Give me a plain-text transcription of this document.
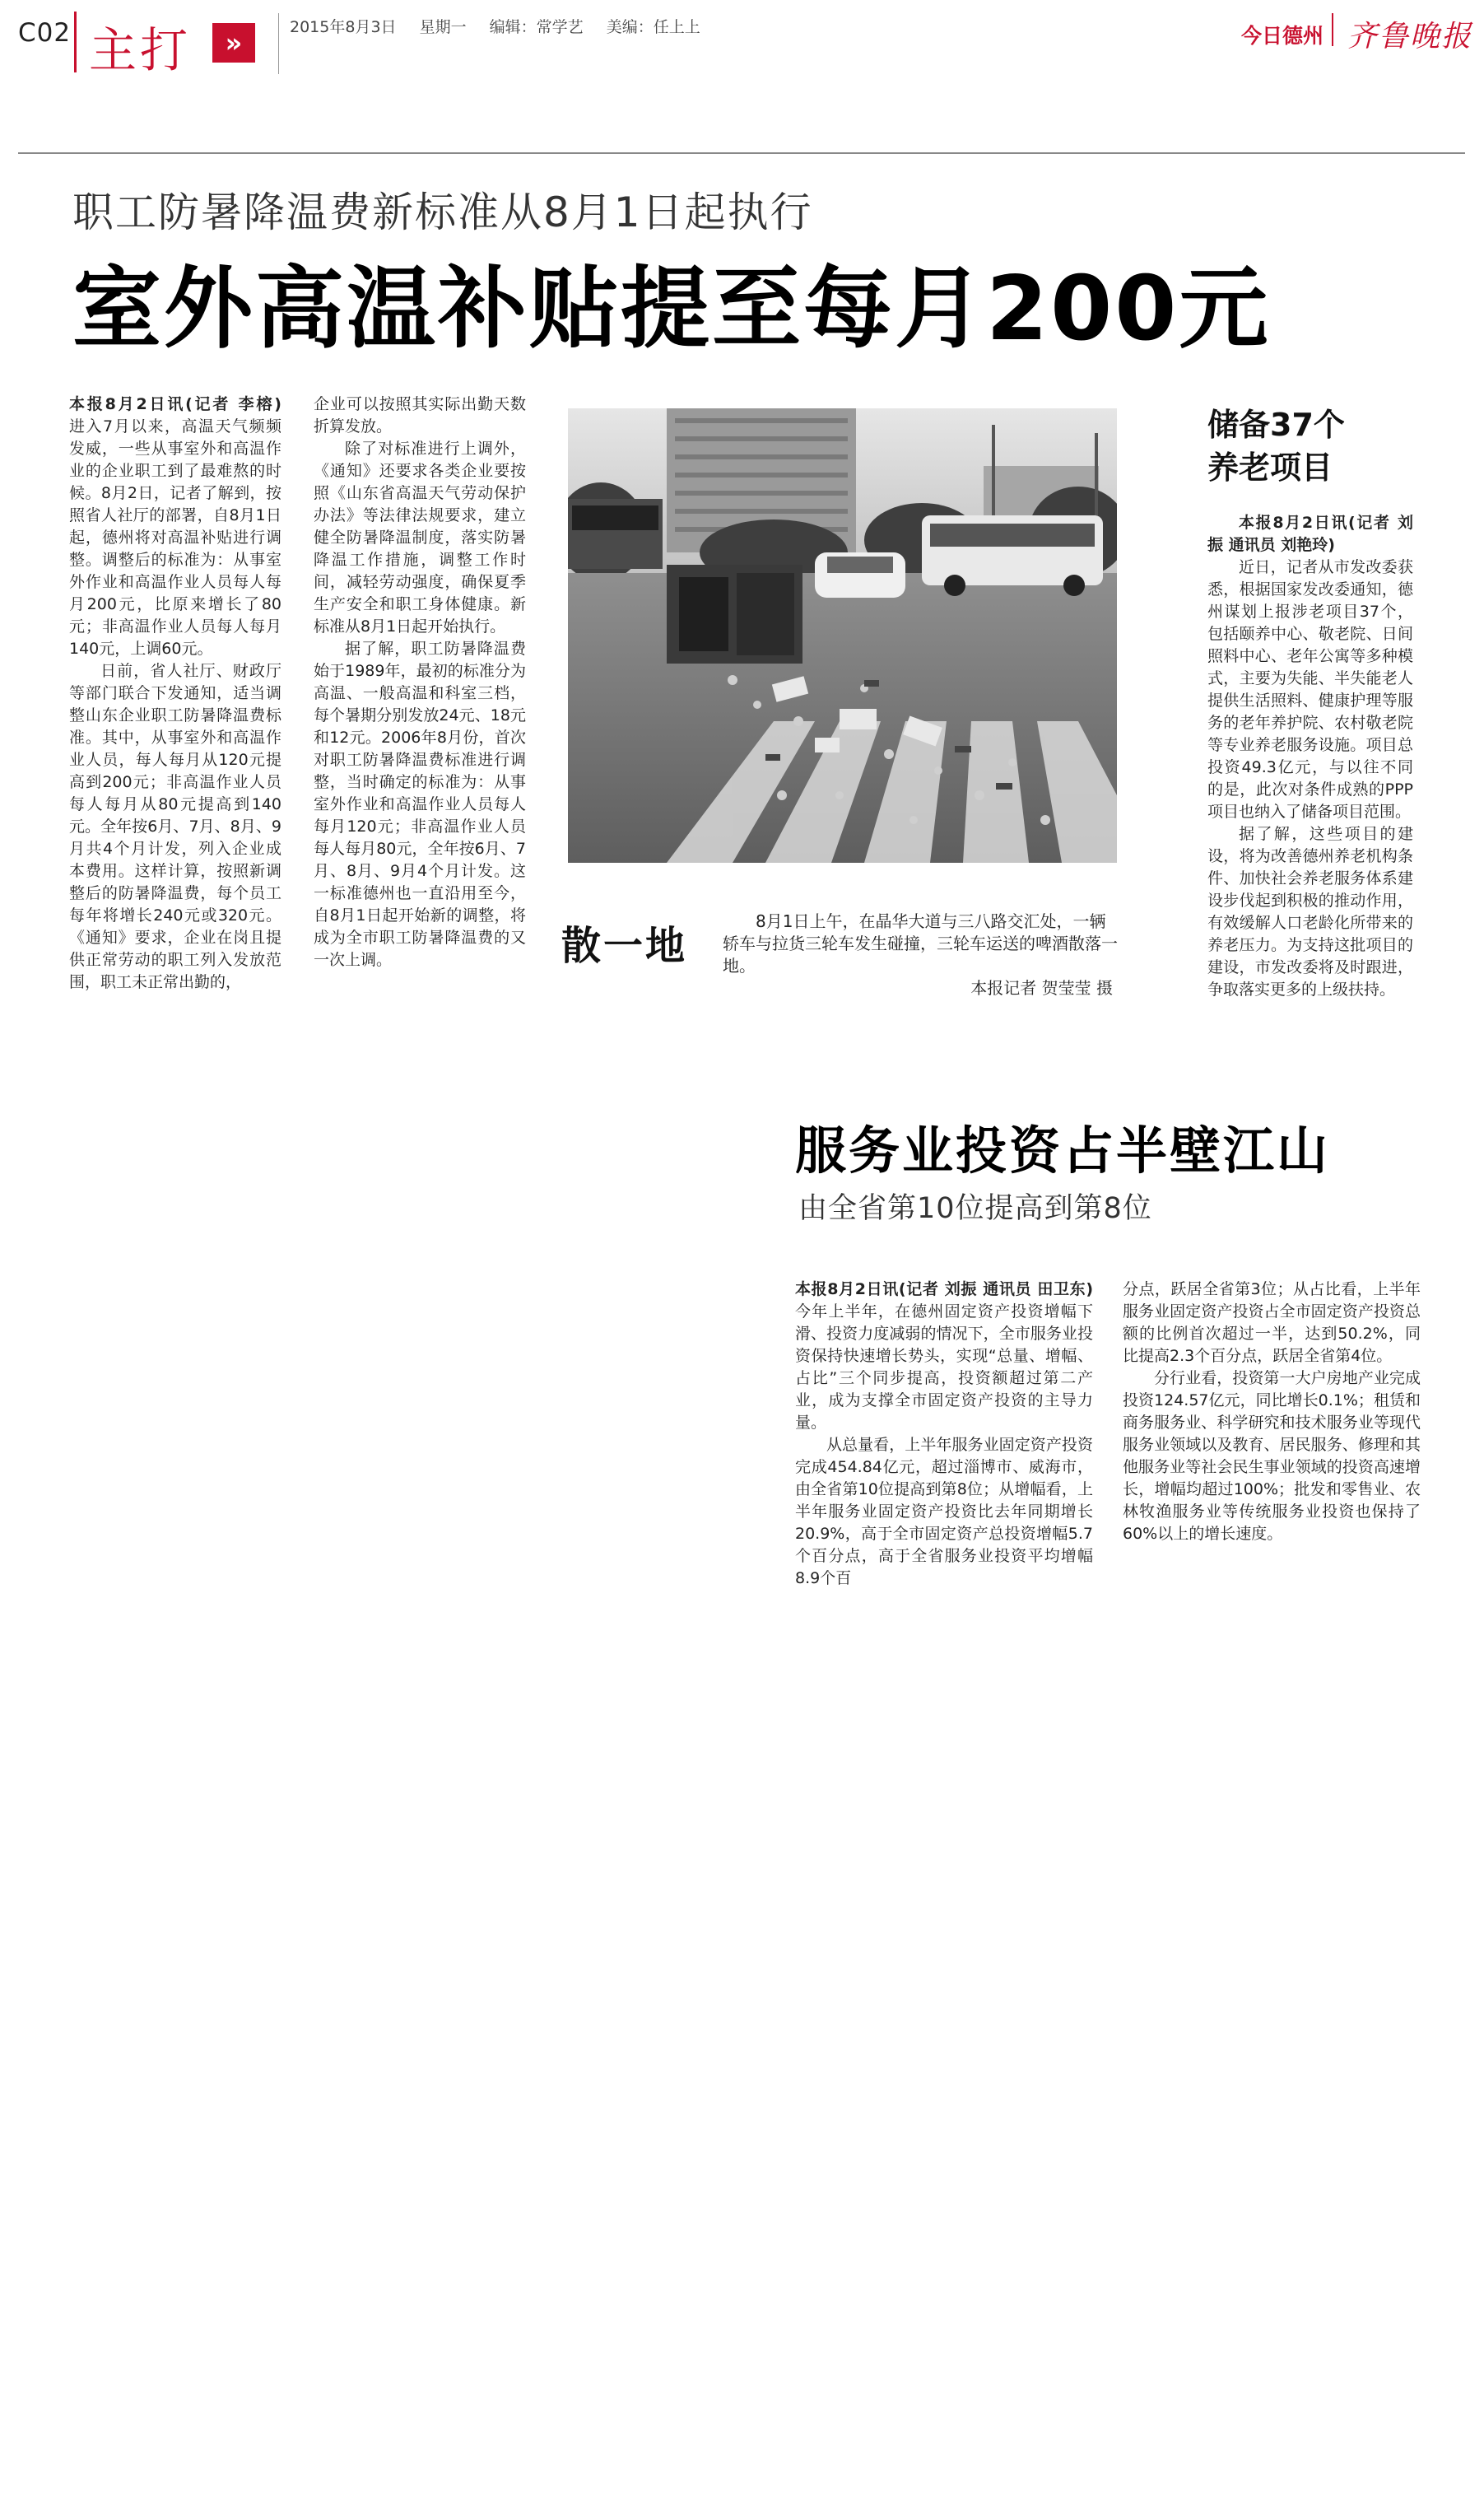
C02 主打	»	2015年8月3日 星期一 编辑：常学艺 美编：任上上	今日德州 齐鲁晚报
职工防暑降温费新标准从8月1日起执行
室外高温补贴提至每月200元

本报8月2日讯(记者 李榕)　进入7月以来，高温天气频频发威，一些从事室外和高温作业的企业职工到了最难熬的时候。8月2日，记者了解到，按照省人社厅的部署，自8月1日起，德州将对高温补贴进行调整。调整后的标准为：从事室外作业和高温作业人员每人每月200元，比原来增长了80元；非高温作业人员每人每月140元，上调60元。

日前，省人社厅、财政厅等部门联合下发通知，适当调整山东企业职工防暑降温费标准。其中，从事室外和高温作业人员，每人每月从120元提高到200元；非高温作业人员每人每月从80元提高到140元。全年按6月、7月、8月、9月共4个月计发，列入企业成本费用。这样计算，按照新调整后的防暑降温费，每个员工每年将增长240元或320元。《通知》要求，企业在岗且提供正常劳动的职工列入发放范围，职工未正常出勤的，

企业可以按照其实际出勤天数折算发放。

除了对标准进行上调外，《通知》还要求各类企业要按照《山东省高温天气劳动保护办法》等法律法规要求，建立健全防暑降温制度，落实防暑降温工作措施，调整工作时间，减轻劳动强度，确保夏季生产安全和职工身体健康。新标准从8月1日起开始执行。

据了解，职工防暑降温费始于1989年，最初的标准分为高温、一般高温和科室三档，每个暑期分别发放24元、18元和12元。2006年8月份，首次对职工防暑降温费标准进行调整，当时确定的标准为：从事室外作业和高温作业人员每人每月120元；非高温作业人员每人每月80元，全年按6月、7月、8月、9月4个月计发。这一标准德州也一直沿用至今，自8月1日起开始新的调整，将成为全市职工防暑降温费的又一次上调。	散一地

8月1日上午，在晶华大道与三八路交汇处，一辆轿车与拉货三轮车发生碰撞，三轮车运送的啤酒散落一地。

本报记者 贺莹莹 摄
储备37个
养老项目

本报8月2日讯(记者 刘振 通讯员 刘艳玲)

近日，记者从市发改委获悉，根据国家发改委通知，德州谋划上报涉老项目37个，包括颐养中心、敬老院、日间照料中心、老年公寓等多种模式，主要为失能、半失能老人提供生活照料、健康护理等服务的老年养护院、农村敬老院等专业养老服务设施。项目总投资49.3亿元，与以往不同的是，此次对条件成熟的PPP项目也纳入了储备项目范围。

据了解，这些项目的建设，将为改善德州养老机构条件、加快社会养老服务体系建设步伐起到积极的推动作用，有效缓解人口老龄化所带来的养老压力。为支持这批项目的建设，市发改委将及时跟进，争取落实更多的上级扶持。

服务业投资占半壁江山
由全省第10位提高到第8位

本报8月2日讯(记者 刘振 通讯员 田卫东)　今年上半年，在德州固定资产投资增幅下滑、投资力度减弱的情况下，全市服务业投资保持快速增长势头，实现“总量、增幅、占比”三个同步提高，投资额超过第二产业，成为支撑全市固定资产投资的主导力量。

从总量看，上半年服务业固定资产投资完成454.84亿元，超过淄博市、威海市，由全省第10位提高到第8位；从增幅看，上半年服务业固定资产投资比去年同期增长20.9%，高于全市固定资产总投资增幅5.7个百分点，高于全省服务业投资平均增幅8.9个百

分点，跃居全省第3位；从占比看，上半年服务业固定资产投资占全市固定资产投资总额的比例首次超过一半，达到50.2%，同比提高2.3个百分点，跃居全省第4位。

分行业看，投资第一大户房地产业完成投资124.57亿元，同比增长0.1%；租赁和商务服务业、科学研究和技术服务业等现代服务业领域以及教育、居民服务、修理和其他服务业等社会民生事业领域的投资高速增长，增幅均超过100%；批发和零售业、农林牧渔服务业等传统服务业投资也保持了60%以上的增长速度。
